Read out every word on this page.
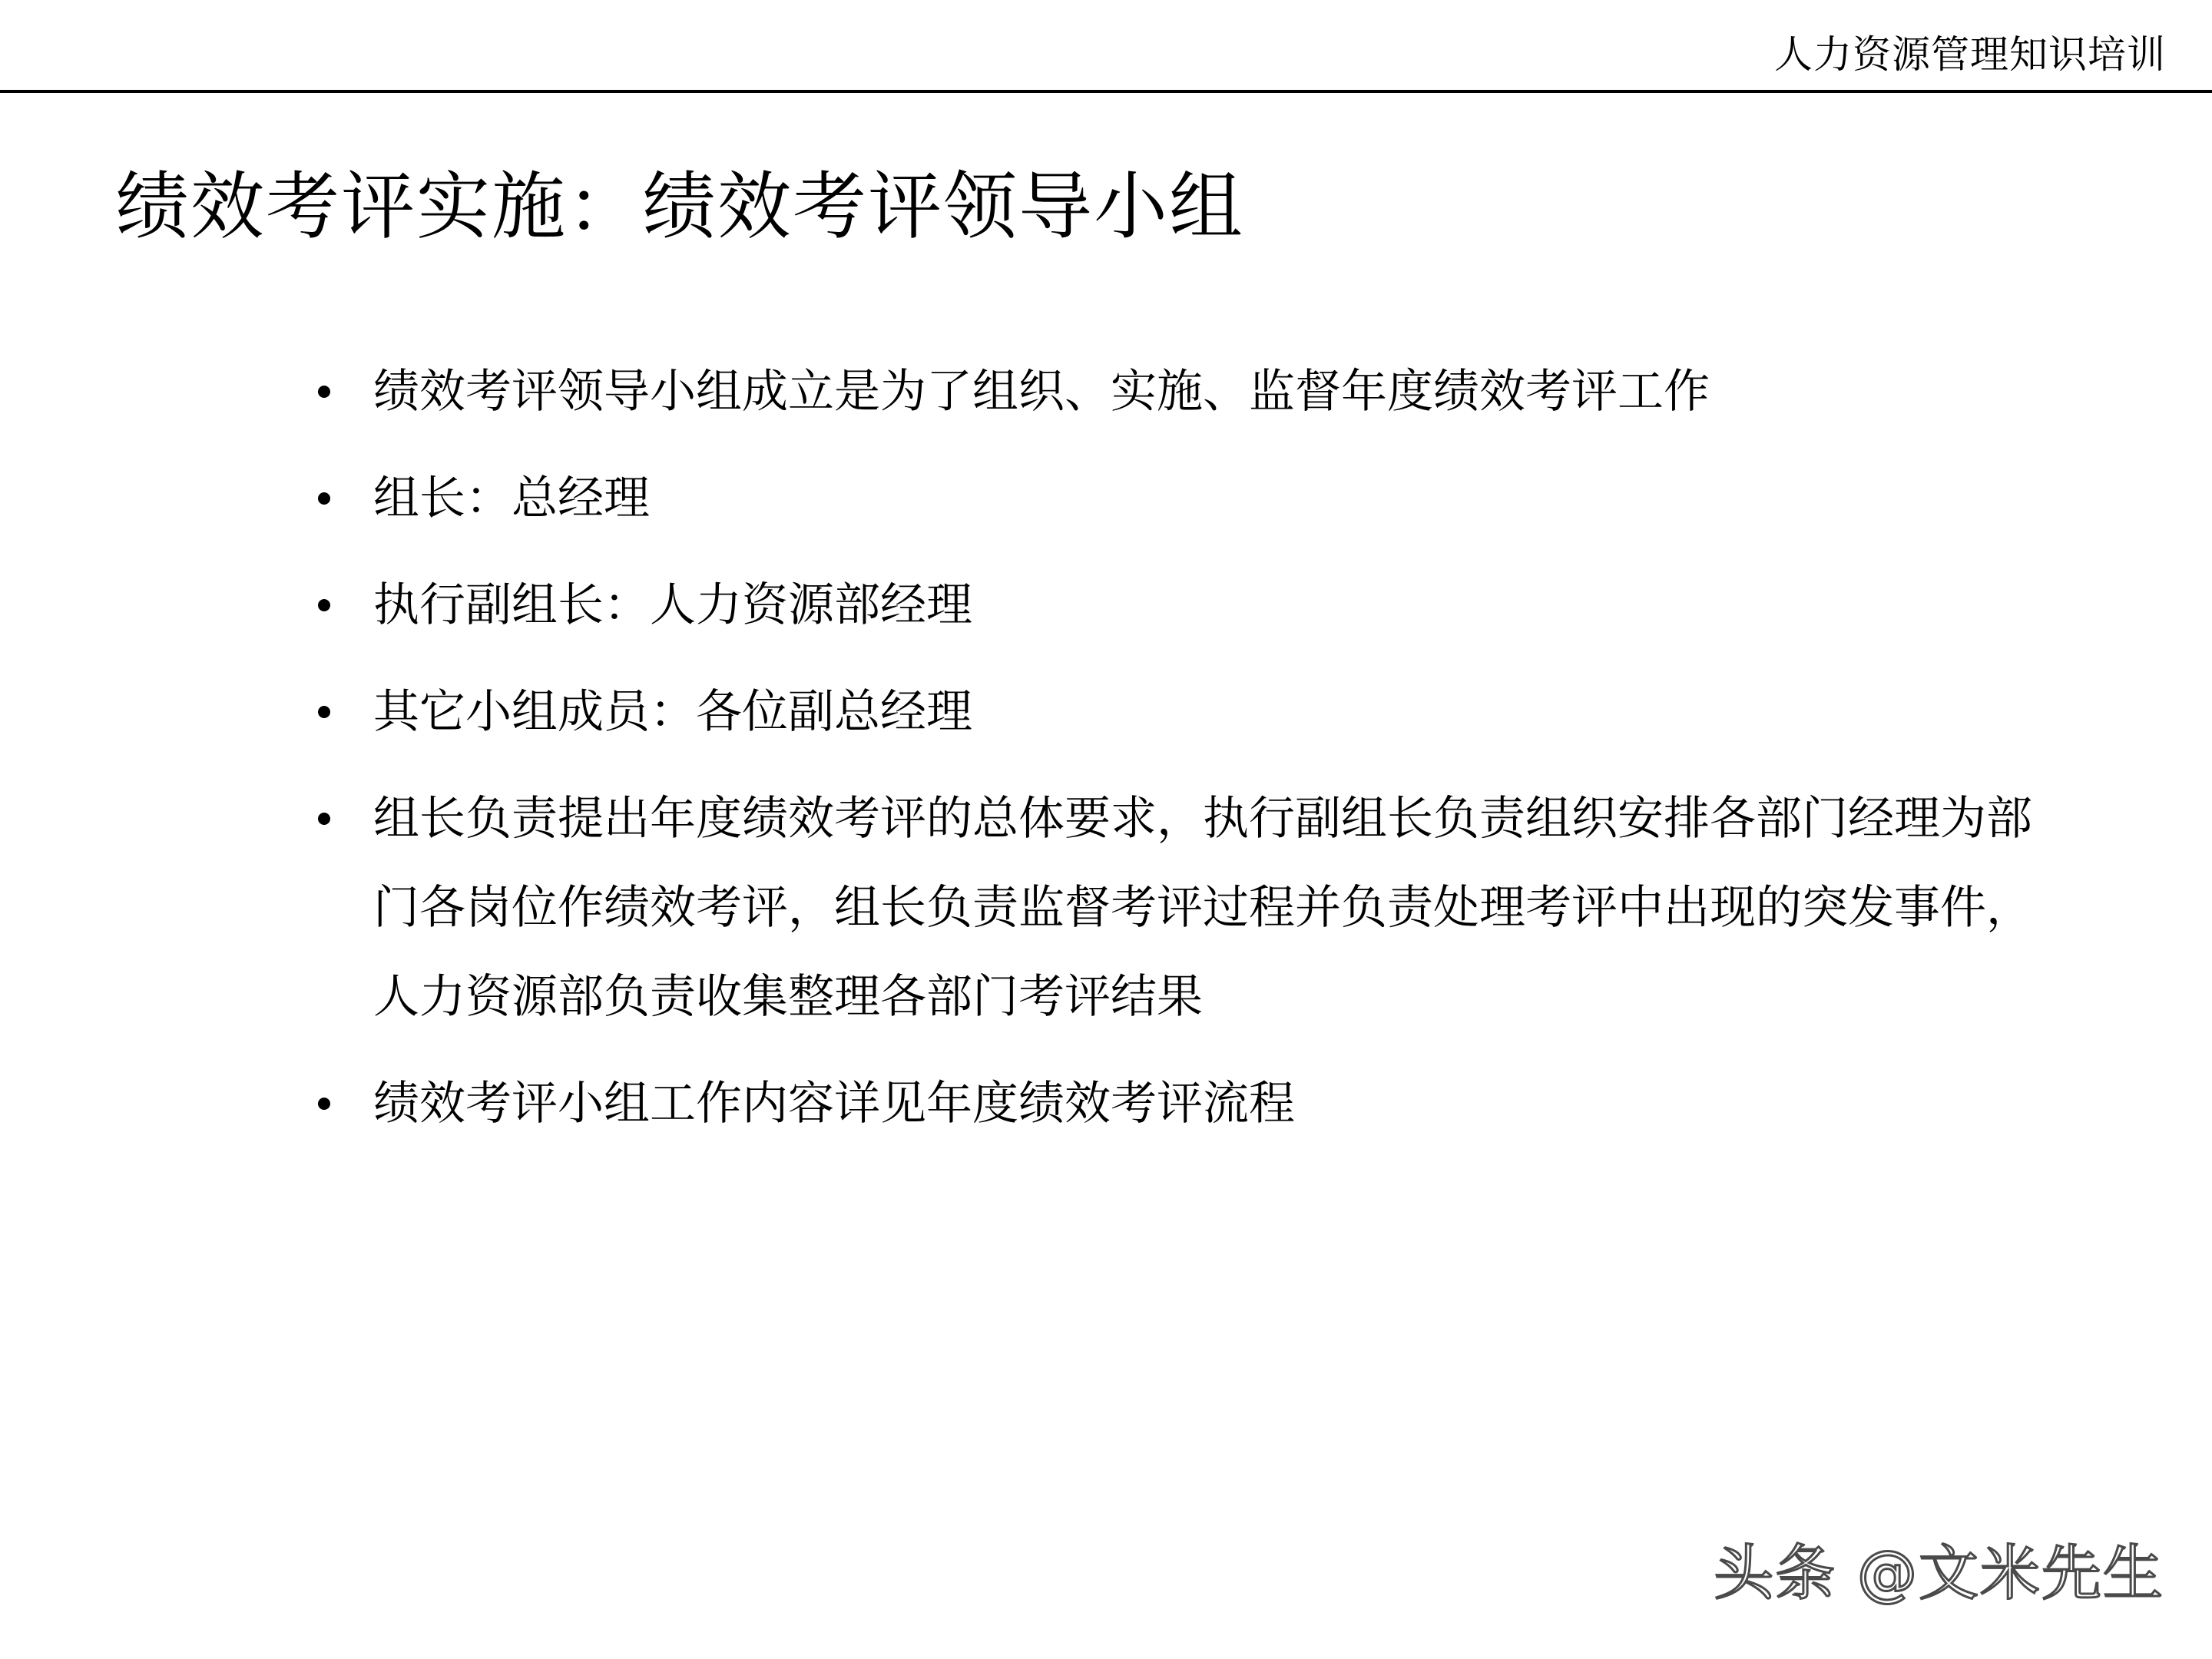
人力资源管理知识培训
绩效考评实施：绩效考评领导小组
绩效考评领导小组成立是为了组织、实施、监督年度绩效考评工作
组长：总经理
执行副组长：人力资源部经理
其它小组成员：各位副总经理
组长负责提出年度绩效考评的总体要求，执行副组长负责组织安排各部门经理为部门各岗位作绩效考评，组长负责监督考评过程并负责处理考评中出现的突发事件，人力资源部负责收集整理各部门考评结果
绩效考评小组工作内容详见年度绩效考评流程
头条 @文米先生
